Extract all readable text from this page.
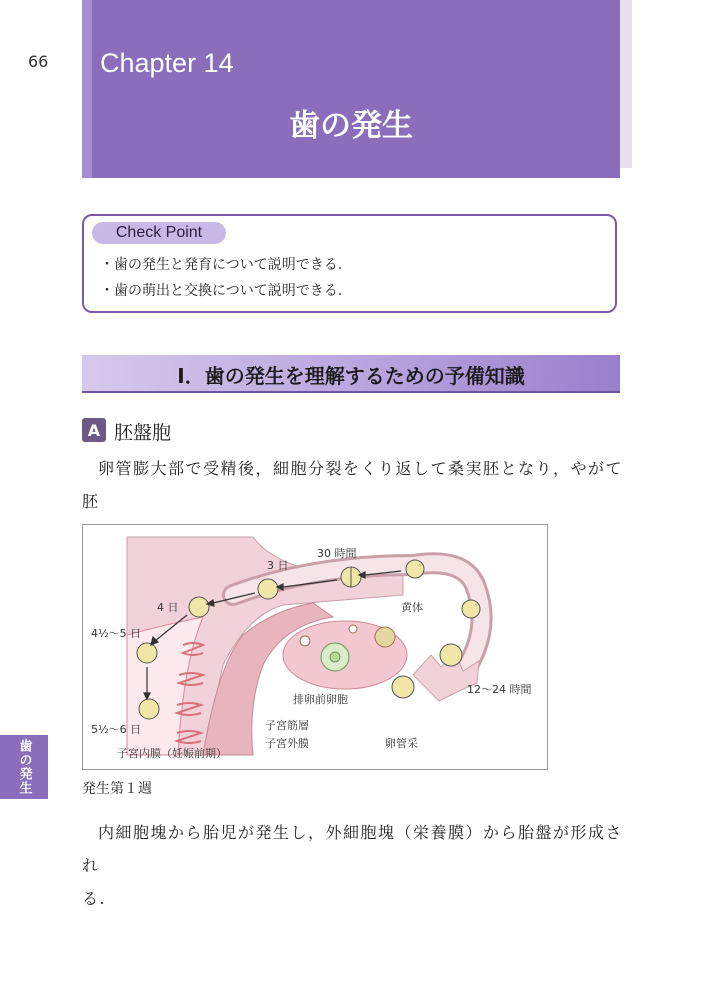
66
歯の発生
Chapter 14
歯の発生
Check Point
・歯の発生と発育について説明できる.
・歯の萌出と交換について説明できる.
I．歯の発生を理解するための予備知識
A 胚盤胞
卵管膨大部で受精後，細胞分裂をくり返して桑実胚となり，やがて胚
30 時間
3 日
4 日
4½〜5 日
5½〜6 日
黄体
排卵前卵胞
12〜24 時間
子宮筋層
子宮外膜	卵管采
子宮内膜（妊娠前期）
発生第１週
内細胞塊から胎児が発生し，外細胞塊（栄養膜）から胎盤が形成され
る.
